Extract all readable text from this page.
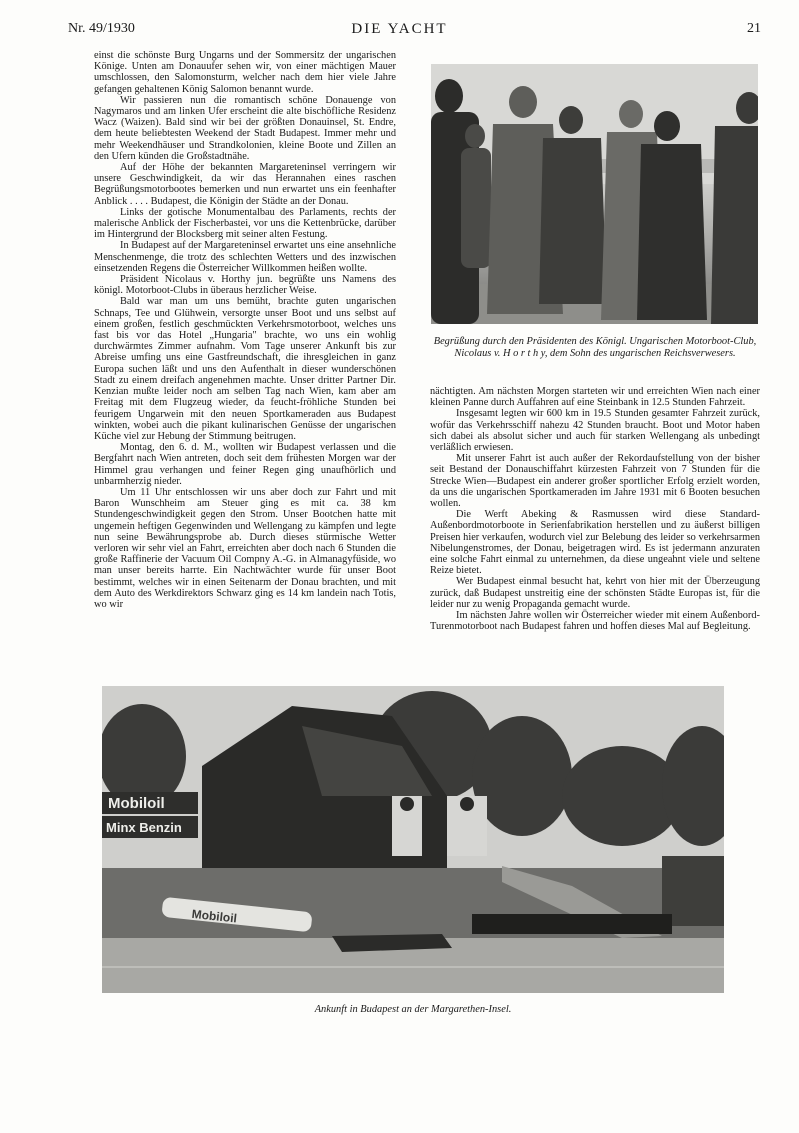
Nr. 49/1930	DIE YACHT	21

einst die schönste Burg Ungarns und der Sommersitz der ungarischen Könige. Unten am Donauufer sehen wir, von einer mächtigen Mauer umschlossen, den Salomonsturm, welcher nach dem hier viele Jahre gefangen gehaltenen König Salomon benannt wurde.

Wir passieren nun die romantisch schöne Donauenge von Nagymaros und am linken Ufer erscheint die alte bischöfliche Residenz Wacz (Waizen). Bald sind wir bei der größten Donauinsel, St. Endre, dem heute beliebtesten Weekend der Stadt Budapest. Immer mehr und mehr Weekendhäuser und Strandkolonien, kleine Boote und Zillen an den Ufern künden die Großstadtnähe.

Auf der Höhe der bekannten Margareteninsel verringern wir unsere Geschwindigkeit, da wir das Herannahen eines raschen Begrüßungsmotorbootes bemerken und nun erwartet uns ein feenhafter Anblick . . . . Budapest, die Königin der Städte an der Donau.

Links der gotische Monumentalbau des Parlaments, rechts der malerische Anblick der Fischerbastei, vor uns die Kettenbrücke, darüber im Hintergrund der Blocksberg mit seiner alten Festung.

In Budapest auf der Margareteninsel erwartet uns eine ansehnliche Menschenmenge, die trotz des schlechten Wetters und des inzwischen einsetzenden Regens die Österreicher Willkommen heißen wollte.

Präsident Nicolaus v. Horthy jun. begrüßte uns Namens des königl. Motorboot-Clubs in überaus herzlicher Weise.

Bald war man um uns bemüht, brachte guten ungarischen Schnaps, Tee und Glühwein, versorgte unser Boot und uns selbst auf einem großen, festlich geschmückten Verkehrsmotorboot, welches uns fast bis vor das Hotel „Hungaria" brachte, wo uns ein wohlig durchwärmtes Zimmer aufnahm. Vom Tage unserer Ankunft bis zur Abreise umfing uns eine Gastfreundschaft, die ihresgleichen in ganz Europa suchen läßt und uns den Aufenthalt in dieser wunderschönen Stadt zu einem dreifach angenehmen machte. Unser dritter Partner Dir. Kenzian mußte leider noch am selben Tag nach Wien, kam aber am Freitag mit dem Flugzeug wieder, da feucht-fröhliche Stunden bei feurigem Ungarwein mit den neuen Sportkameraden aus Budapest winkten, wobei auch die pikant kulinarischen Genüsse der ungarischen Küche viel zur Hebung der Stimmung beitrugen.

Montag, den 6. d. M., wollten wir Budapest verlassen und die Bergfahrt nach Wien antreten, doch seit dem frühesten Morgen war der Himmel grau verhangen und feiner Regen ging unaufhörlich und unbarmherzig nieder.

Um 11 Uhr entschlossen wir uns aber doch zur Fahrt und mit Baron Wunschheim am Steuer ging es mit ca. 38 km Stundengeschwindigkeit gegen den Strom. Unser Bootchen hatte mit ungemein heftigen Gegenwinden und Wellengang zu kämpfen und legte nun seine Bewährungsprobe ab. Durch dieses stürmische Wetter verloren wir sehr viel an Fahrt, erreichten aber doch nach 6 Stunden die große Raffinerie der Vacuum Oil Compny A.-G. in Almanagyfüside, wo man unser bereits harrte. Ein Nachtwächter wurde für unser Boot bestimmt, welches wir in einen Seitenarm der Donau brachten, und mit dem Auto des Werkdirektors Schwarz ging es 14 km landein nach Totis, wo wir

Begrüßung durch den Präsidenten des Königl. Ungarischen Motorboot-Club, Nicolaus v. H o r t h y, dem Sohn des ungarischen Reichsverwesers.

nächtigten. Am nächsten Morgen starteten wir und erreichten Wien nach einer kleinen Panne durch Auffahren auf eine Steinbank in 12.5 Stunden Fahrzeit.

Insgesamt legten wir 600 km in 19.5 Stunden gesamter Fahrzeit zurück, wofür das Verkehrsschiff nahezu 42 Stunden braucht. Boot und Motor haben sich dabei als absolut sicher und auch für starken Wellengang als unbedingt verläßlich erwiesen.

Mit unserer Fahrt ist auch außer der Rekordaufstellung von der bisher seit Bestand der Donauschiffahrt kürzesten Fahrzeit von 7 Stunden für die Strecke Wien—Budapest ein anderer großer sportlicher Erfolg erzielt worden, da uns die ungarischen Sportkameraden im Jahre 1931 mit 6 Booten besuchen wollen.

Die Werft Abeking & Rasmussen wird diese Standard-Außenbordmotorboote in Serienfabrikation herstellen und zu äußerst billigen Preisen hier verkaufen, wodurch viel zur Belebung des leider so verkehrsarmen Nibelungenstromes, der Donau, beigetragen wird. Es ist jedermann anzuraten eine solche Fahrt einmal zu unternehmen, da diese ungeahnt viele und seltene Reize bietet.

Wer Budapest einmal besucht hat, kehrt von hier mit der Überzeugung zurück, daß Budapest unstreitig eine der schönsten Städte Europas ist, für die leider nur zu wenig Propaganda gemacht wurde.

Im nächsten Jahre wollen wir Österreicher wieder mit einem Außenbord-Turenmotorboot nach Budapest fahren und hoffen dieses Mal auf Begleitung.

Mobiloil
Minx Benzin
Mobiloil
Ankunft in Budapest an der Margarethen-Insel.
